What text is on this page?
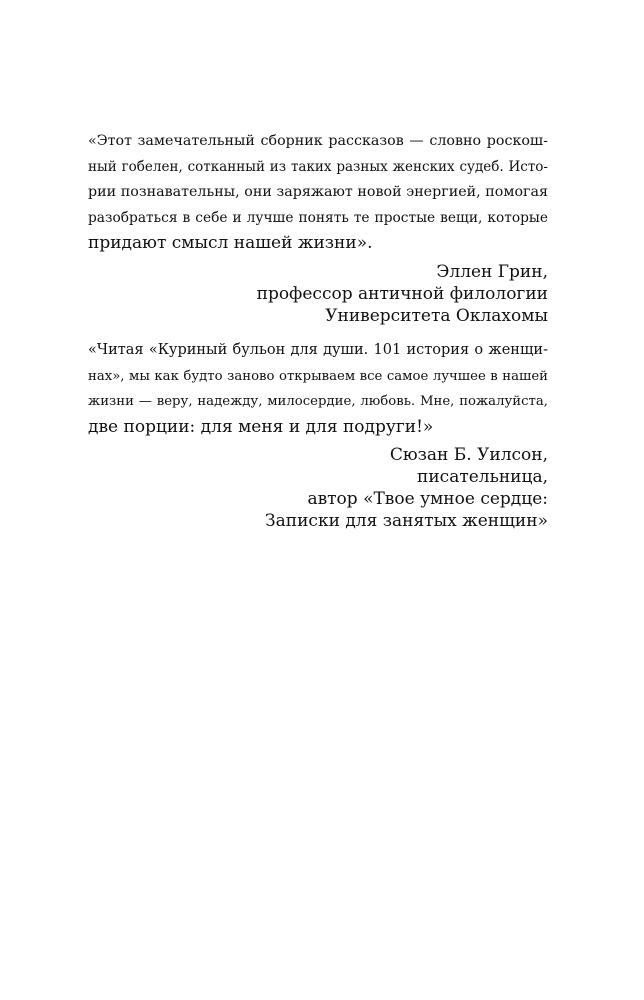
«Этот замечательный сборник рассказов — словно роскош-
ный гобелен, сотканный из таких разных женских судеб. Исто-
рии познавательны, они заряжают новой энергией, помогая
разобраться в себе и лучше понять те простые вещи, которые
придают смысл нашей жизни».

Эллен Грин,
профессор античной филологии
Университета Оклахомы

«Читая «Куриный бульон для души. 101 история о женщи-
нах», мы как будто заново открываем все самое лучшее в нашей
жизни — веру, надежду, милосердие, любовь. Мне, пожалуйста,
две порции: для меня и для подруги!»

Сюзан Б. Уилсон,
писательница,
автор «Твое умное сердце:
Записки для занятых женщин»
